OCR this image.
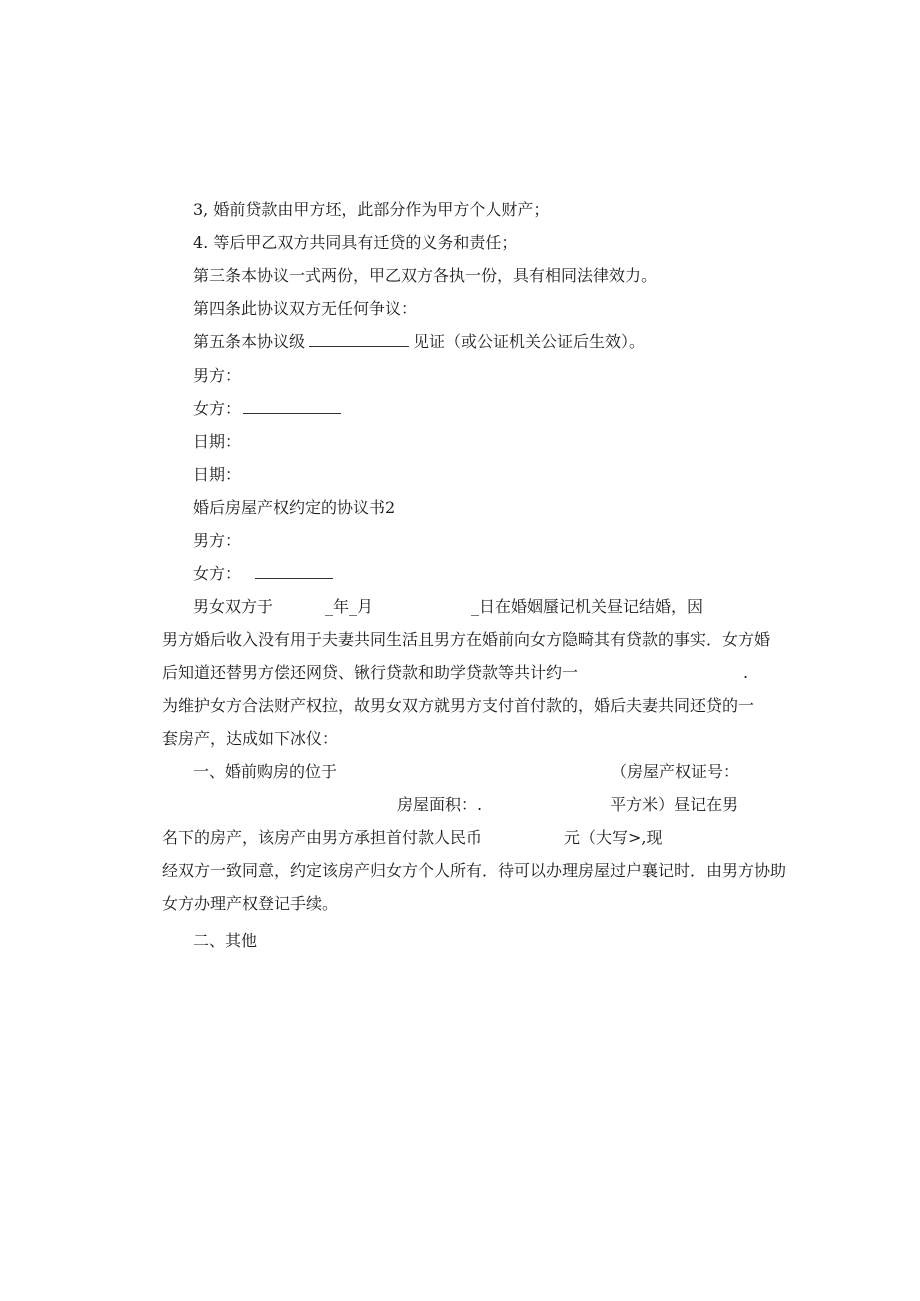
3, 婚前贷款由甲方坯，此部分作为甲方个人财产；
4. 等后甲乙双方共同具有迁贷的义务和责任；
第三条本协议一式两份，甲乙双方各执一份，具有相同法律效力。
第四条此协议双方无任何争议：
第五条本协议级	见证（或公证机关公证后生效）。
男方：
女方：
日期：
日期：
婚后房屋产权约定的协议书2
男方：
女方：
男女双方于	_年_月	_日在婚姻蜃记机关昼记结婚，因
男方婚后收入没有用于夫妻共同生活且男方在婚前向女方隐畸其有贷款的事实．女方婚
后知道还替男方偿还网贷、锹行贷款和助学贷款等共计约一	.
为维护女方合法财产权拉，故男女双方就男方支付首付款的，婚后夫妻共同还贷的一
套房产，达成如下冰仪：
一、婚前购房的位于	（房屋产权证号：
房屋面积：.	平方米）昼记在男
名下的房产，该房产由男方承担首付款人民币	元（大写>,现
经双方一致同意，约定该房产归女方个人所有．待可以办理房屋过户襄记时．由男方协助
女方办理产权登记手续。
二、其他
